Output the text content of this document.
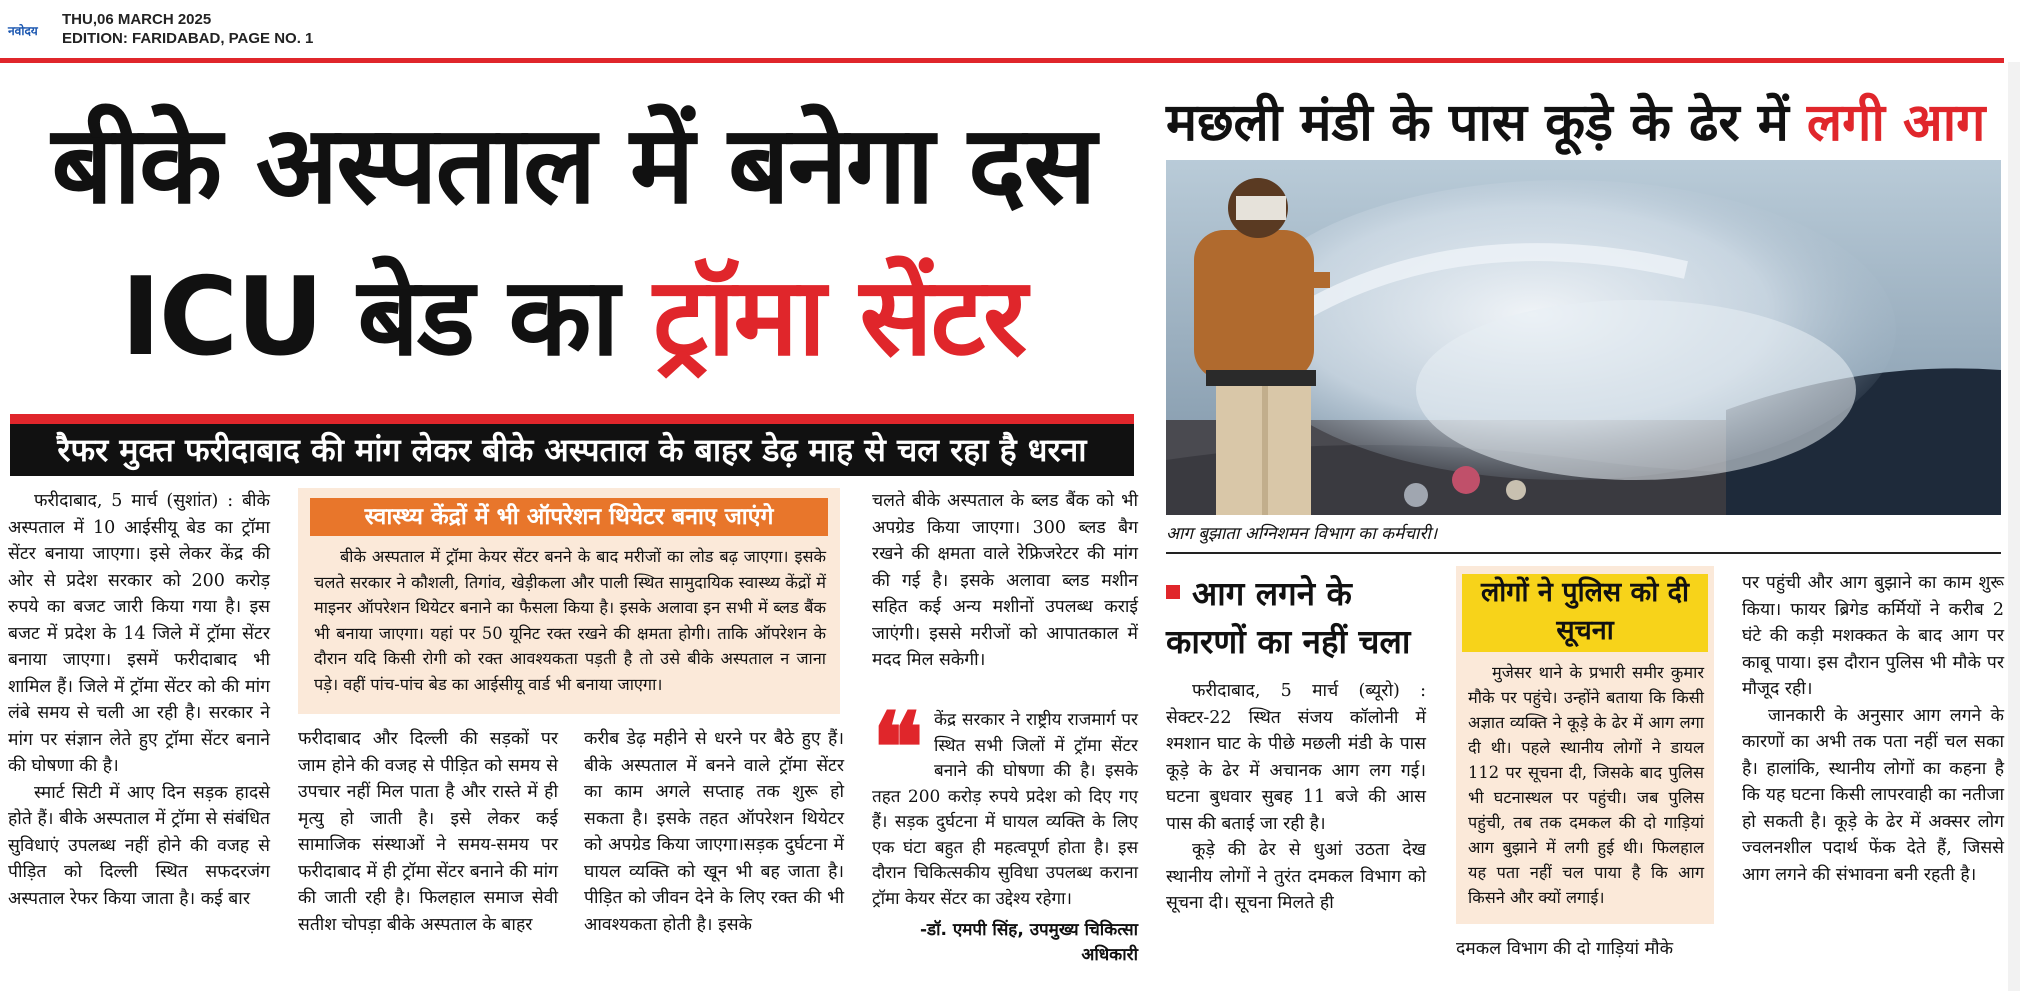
नवोदय
THU,06 MARCH 2025
EDITION: FARIDABAD, PAGE NO. 1
बीके अस्पताल में बनेगा दस
ICU बेड का ट्रॉमा सेंटर
रैफर मुक्त फरीदाबाद की मांग लेकर बीके अस्पताल के बाहर डेढ़ माह से चल रहा है धरना

फरीदाबाद, 5 मार्च (सुशांत) : बीके अस्पताल में 10 आईसीयू बेड का ट्रॉमा सेंटर बनाया जाएगा। इसे लेकर केंद्र की ओर से प्रदेश सरकार को 200 करोड़ रुपये का बजट जारी किया गया है। इस बजट में प्रदेश के 14 जिले में ट्रॉमा सेंटर बनाया जाएगा। इसमें फरीदाबाद भी शामिल हैं। जिले में ट्रॉमा सेंटर को की मांग लंबे समय से चली आ रही है। सरकार ने मांग पर संज्ञान लेते हुए ट्रॉमा सेंटर बनाने की घोषणा की है।

स्मार्ट सिटी में आए दिन सड़क हादसे होते हैं। बीके अस्पताल में ट्रॉमा से संबंधित सुविधाएं उपलब्ध नहीं होने की वजह से पीड़ित को दिल्ली स्थित सफदरजंग अस्पताल रेफर किया जाता है। कई बार

स्वास्थ्य केंद्रों में भी ऑपरेशन थियेटर बनाए जाएंगे
बीके अस्पताल में ट्रॉमा केयर सेंटर बनने के बाद मरीजों का लोड बढ़ जाएगा। इसके चलते सरकार ने कौशली, तिगांव, खेड़ीकला और पाली स्थित सामुदायिक स्वास्थ्य केंद्रों में माइनर ऑपरेशन थियेटर बनाने का फैसला किया है। इसके अलावा इन सभी में ब्लड बैंक भी बनाया जाएगा। यहां पर 50 यूनिट रक्त रखने की क्षमता होगी। ताकि ऑपरेशन के दौरान यदि किसी रोगी को रक्त आवश्यकता पड़ती है तो उसे बीके अस्पताल न जाना पड़े। वहीं पांच-पांच बेड का आईसीयू वार्ड भी बनाया जाएगा।

फरीदाबाद और दिल्ली की सड़कों पर जाम होने की वजह से पीड़ित को समय से उपचार नहीं मिल पाता है और रास्ते में ही मृत्यु हो जाती है। इसे लेकर कई सामाजिक संस्थाओं ने समय-समय पर फरीदाबाद में ही ट्रॉमा सेंटर बनाने की मांग की जाती रही है। फिलहाल समाज सेवी सतीश चोपड़ा बीके अस्पताल के बाहर

करीब डेढ़ महीने से धरने पर बैठे हुए हैं। बीके अस्पताल में बनने वाले ट्रॉमा सेंटर का काम अगले सप्ताह तक शुरू हो सकता है। इसके तहत ऑपरेशन थियेटर को अपग्रेड किया जाएगा।सड़क दुर्घटना में घायल व्यक्ति को खून भी बह जाता है। पीड़ित को जीवन देने के लिए रक्त की भी आवश्यकता होती है। इसके

चलते बीके अस्पताल के ब्लड बैंक को भी अपग्रेड किया जाएगा। 300 ब्लड बैग रखने की क्षमता वाले रेफ्रिजरेटर की मांग की गई है। इसके अलावा ब्लड मशीन सहित कई अन्य मशीनों उपलब्ध कराई जाएंगी। इससे मरीजों को आपातकाल में मदद मिल सकेगी।

केंद्र सरकार ने राष्ट्रीय राजमार्ग पर स्थित सभी जिलों में ट्रॉमा सेंटर बनाने की घोषणा की है। इसके तहत 200 करोड़ रुपये प्रदेश को दिए गए हैं। सड़क दुर्घटना में घायल व्यक्ति के लिए एक घंटा बहुत ही महत्वपूर्ण होता है। इस दौरान चिकित्सकीय सुविधा उपलब्ध कराना ट्रॉमा केयर सेंटर का उद्देश्य रहेगा।
❝
-डॉ. एमपी सिंह, उपमुख्य चिकित्सा अधिकारी
मछली मंडी के पास कूड़े के ढेर में लगी आग
आग बुझाता अग्निशमन विभाग का कर्मचारी।
आग लगने के कारणों का नहीं चला

फरीदाबाद, 5 मार्च (ब्यूरो) : सेक्टर-22 स्थित संजय कॉलोनी में श्मशान घाट के पीछे मछली मंडी के पास कूड़े के ढेर में अचानक आग लग गई। घटना बुधवार सुबह 11 बजे की आस पास की बताई जा रही है।

कूड़े की ढेर से धुआं उठता देख स्थानीय लोगों ने तुरंत दमकल विभाग को सूचना दी। सूचना मिलते ही

लोगों ने पुलिस को दी सूचना
मुजेसर थाने के प्रभारी समीर कुमार मौके पर पहुंचे। उन्होंने बताया कि किसी अज्ञात व्यक्ति ने कूड़े के ढेर में आग लगा दी थी। पहले स्थानीय लोगों ने डायल 112 पर सूचना दी, जिसके बाद पुलिस भी घटनास्थल पर पहुंची। जब पुलिस पहुंची, तब तक दमकल की दो गाड़ियां आग बुझाने में लगी हुई थी। फिलहाल यह पता नहीं चल पाया है कि आग किसने और क्यों लगाई।

दमकल विभाग की दो गाड़ियां मौके

पर पहुंची और आग बुझाने का काम शुरू किया। फायर ब्रिगेड कर्मियों ने करीब 2 घंटे की कड़ी मशक्कत के बाद आग पर काबू पाया। इस दौरान पुलिस भी मौके पर मौजूद रही।

जानकारी के अनुसार आग लगने के कारणों का अभी तक पता नहीं चल सका है। हालांकि, स्थानीय लोगों का कहना है कि यह घटना किसी लापरवाही का नतीजा हो सकती है। कूड़े के ढेर में अक्सर लोग ज्वलनशील पदार्थ फेंक देते हैं, जिससे आग लगने की संभावना बनी रहती है।
